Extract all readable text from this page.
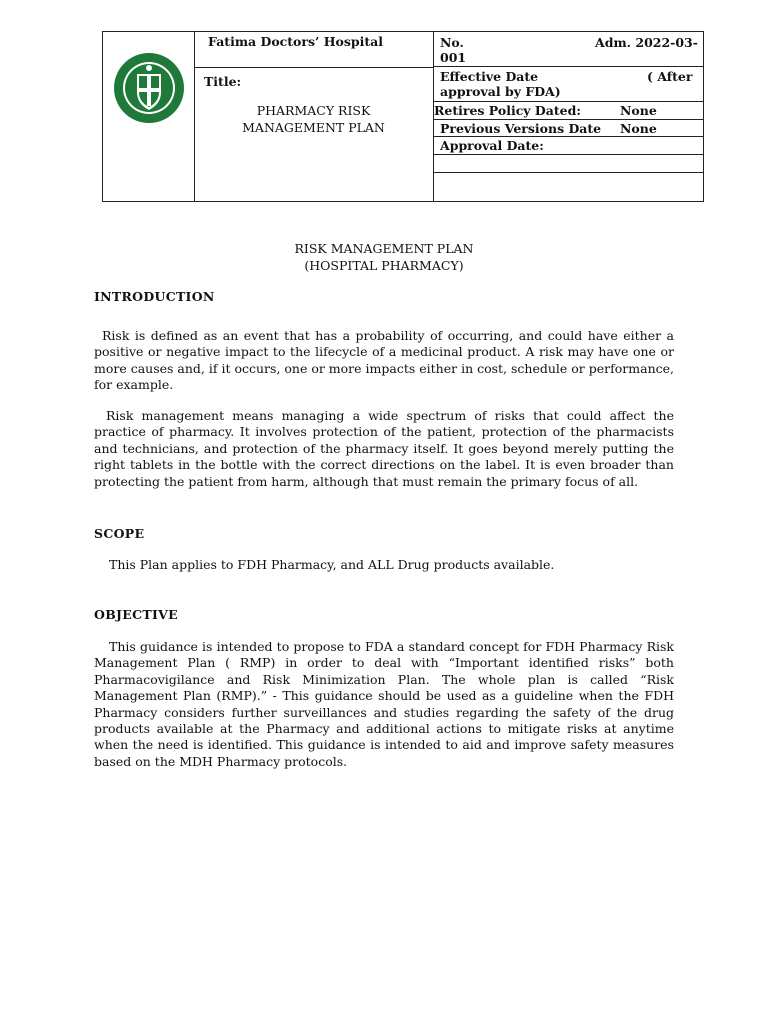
Fatima Doctors’ Hospital
Title:
PHARMACY RISK
MANAGEMENT PLAN
No.	Adm. 2022-03-
001
Effective Date	( After
approval by FDA)
Retires Policy Dated:	None
Previous Versions Date None
Approval Date:
RISK MANAGEMENT PLAN
(HOSPITAL PHARMACY)
INTRODUCTION

Risk is defined as an event that has a probability of occurring, and could have either a positive or negative impact to the lifecycle of a medicinal product. A risk may have one or more causes and, if it occurs, one or more impacts either in cost, schedule or performance, for example.

Risk management means managing a wide spectrum of risks that could affect the practice of pharmacy. It involves protection of the patient, protection of the pharmacists and technicians, and protection of the pharmacy itself. It goes beyond merely putting the right tablets in the bottle with the correct directions on the label. It is even broader than protecting the patient from harm, although that must remain the primary focus of all.

SCOPE

This Plan applies to FDH Pharmacy, and ALL Drug products available.

OBJECTIVE

This guidance is intended to propose to FDA a standard concept for FDH Pharmacy Risk Management Plan ( RMP) in order to deal with “Important identified risks” both Pharmacovigilance and Risk Minimization Plan. The whole plan is called “Risk Management Plan (RMP).” - This guidance should be used as a guideline when the FDH Pharmacy considers further surveillances and studies regarding the safety of the drug products available at the Pharmacy and additional actions to mitigate risks at anytime when the need is identified. This guidance is intended to aid and improve safety measures based on the MDH Pharmacy protocols.
